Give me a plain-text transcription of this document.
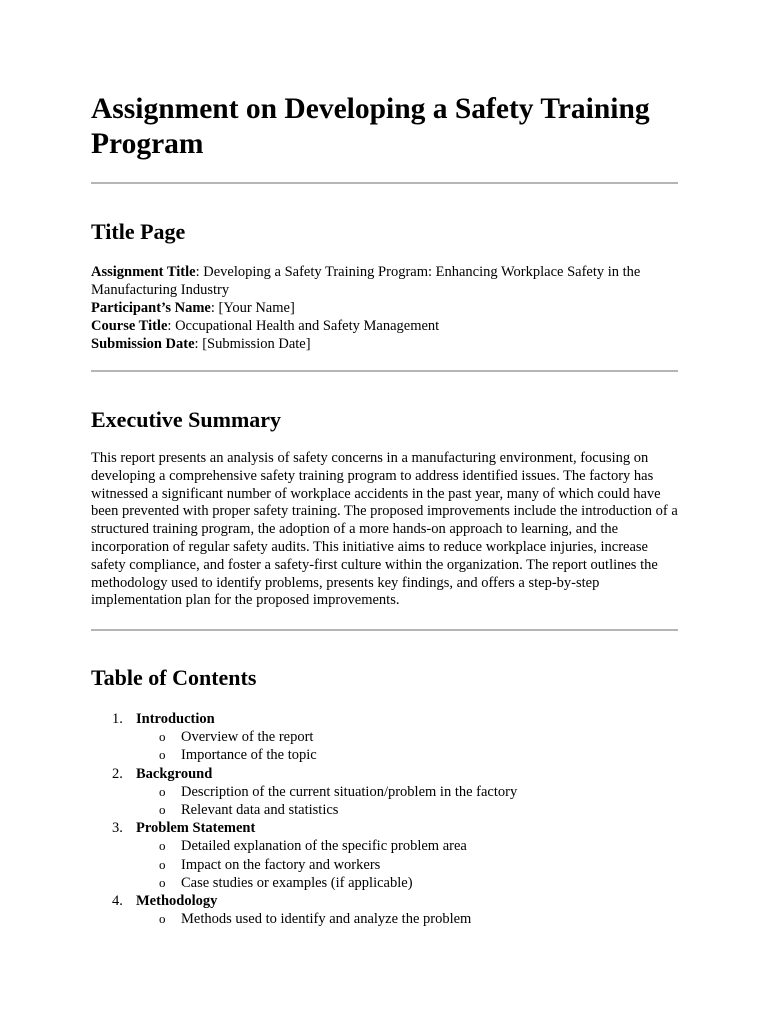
Assignment on Developing a Safety Training Program
Title Page

Assignment Title: Developing a Safety Training Program: Enhancing Workplace Safety in the Manufacturing Industry

Participant’s Name: [Your Name]

Course Title: Occupational Health and Safety Management

Submission Date: [Submission Date]

Executive Summary

This report presents an analysis of safety concerns in a manufacturing environment, focusing on developing a comprehensive safety training program to address identified issues. The factory has witnessed a significant number of workplace accidents in the past year, many of which could have been prevented with proper safety training. The proposed improvements include the introduction of a structured training program, the adoption of a more hands-on approach to learning, and the incorporation of regular safety audits. This initiative aims to reduce workplace injuries, increase safety compliance, and foster a safety-first culture within the organization. The report outlines the methodology used to identify problems, presents key findings, and offers a step-by-step implementation plan for the proposed improvements.

Table of Contents
1. Introduction
o Overview of the report
o Importance of the topic
2. Background
o Description of the current situation/problem in the factory
o Relevant data and statistics
3. Problem Statement
o Detailed explanation of the specific problem area
o Impact on the factory and workers
o Case studies or examples (if applicable)
4. Methodology
o Methods used to identify and analyze the problem
